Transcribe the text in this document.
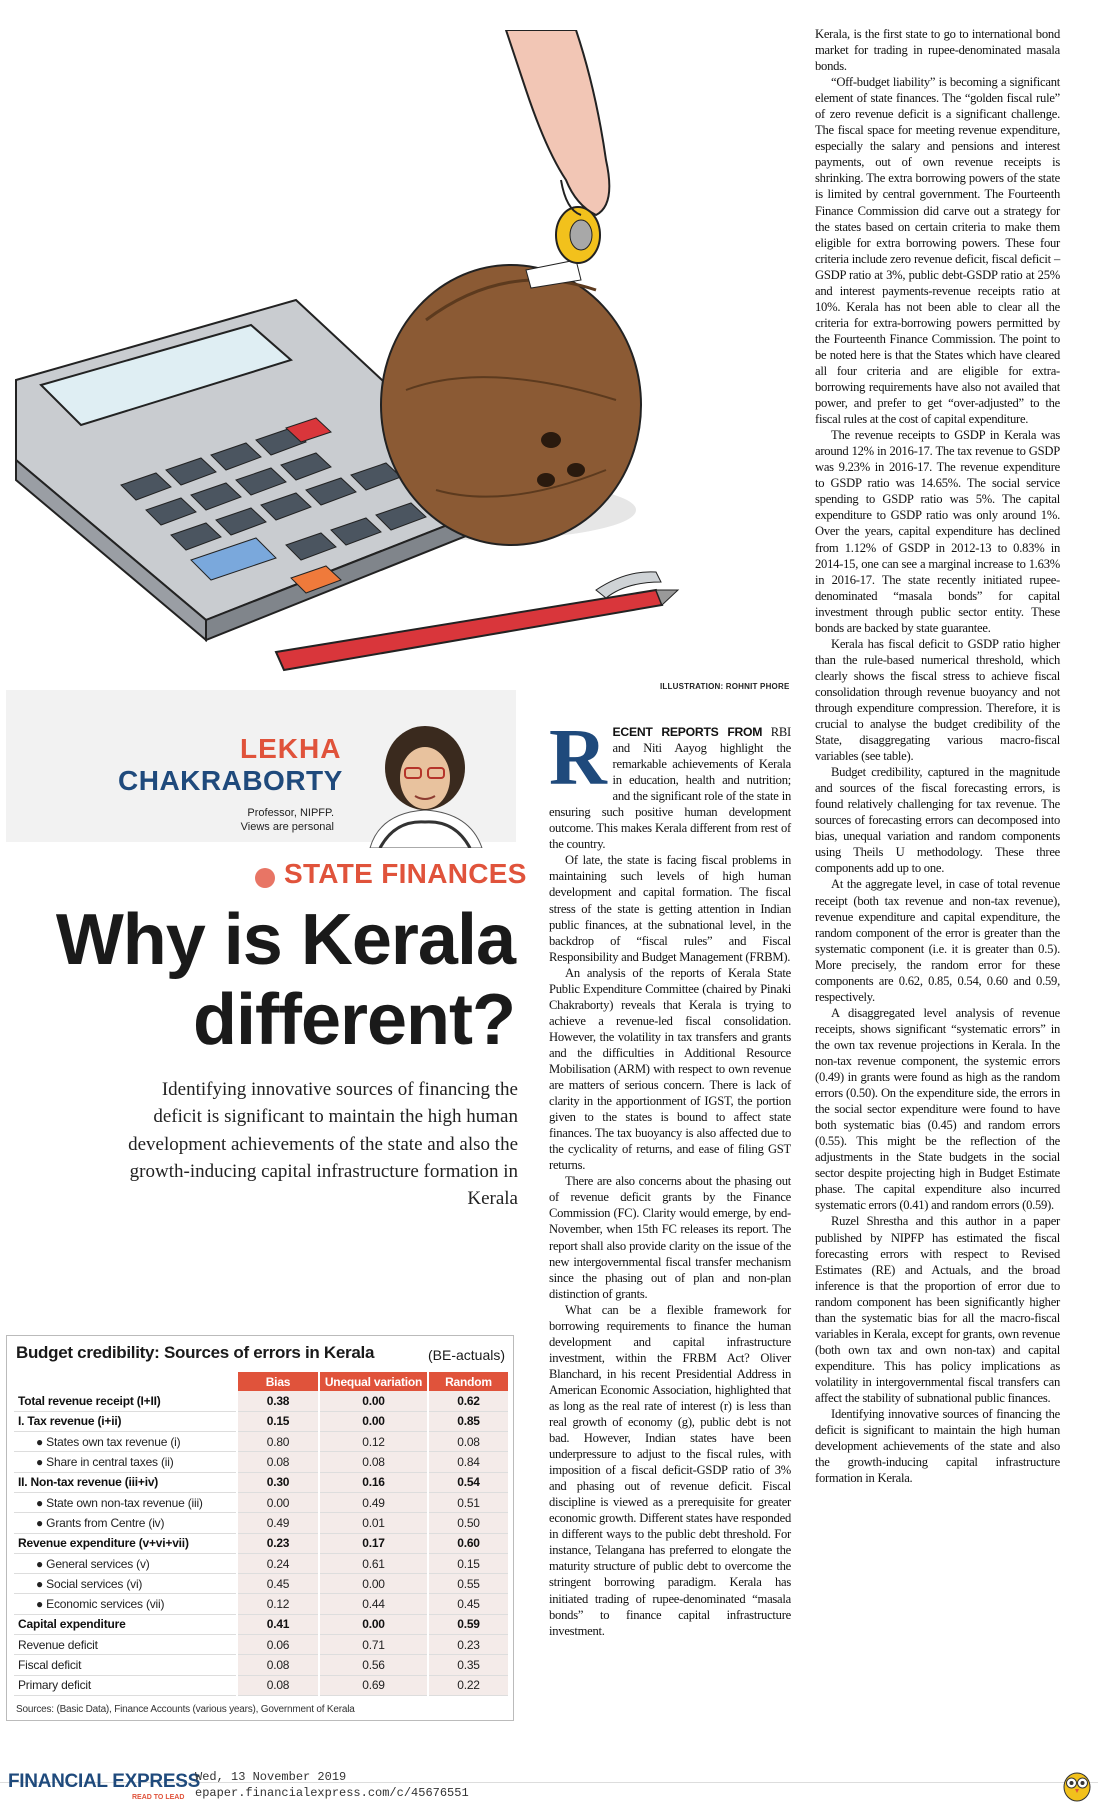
ILLUSTRATION: ROHNIT PHORE
LEKHA
CHAKRABORTY
Professor, NIPFP.
Views are personal
STATE FINANCES
Why is Kerala
different?
Identifying innovative sources of financing the deficit is significant to maintain the high human development achievements of the state and also the growth-inducing capital infrastructure formation in Kerala

RECENT REPORTS FROM RBI and Niti Aayog highlight the remarkable achievements of Kerala in education, health and nutrition; and the significant role of the state in ensuring such positive human development outcome. This makes Kerala different from rest of the country.

Of late, the state is facing fiscal problems in maintaining such levels of high human development and capital formation. The fiscal stress of the state is getting attention in Indian public finances, at the subnational level, in the backdrop of “fiscal rules” and Fiscal Responsibility and Budget Management (FRBM).

An analysis of the reports of Kerala State Public Expenditure Committee (chaired by Pinaki Chakraborty) reveals that Kerala is trying to achieve a revenue-led fiscal consolidation. However, the volatility in tax transfers and grants and the difficulties in Additional Resource Mobilisation (ARM) with respect to own revenue are matters of serious concern. There is lack of clarity in the apportionment of IGST, the portion given to the states is bound to affect state finances. The tax buoyancy is also affected due to the cyclicality of returns, and ease of filing GST returns.

There are also concerns about the phasing out of revenue deficit grants by the Finance Commission (FC). Clarity would emerge, by end-November, when 15th FC releases its report. The report shall also provide clarity on the issue of the new intergovernmental fiscal transfer mechanism since the phasing out of plan and non-plan distinction of grants.

What can be a flexible framework for borrowing requirements to finance the human development and capital infrastructure investment, within the FRBM Act? Oliver Blanchard, in his recent Presidential Address in American Economic Association, highlighted that as long as the real rate of interest (r) is less than real growth of economy (g), public debt is not bad. However, Indian states have been underpressure to adjust to the fiscal rules, with imposition of a fiscal deficit-GSDP ratio of 3% and phasing out of revenue deficit. Fiscal discipline is viewed as a prerequisite for greater economic growth. Different states have responded in different ways to the public debt threshold. For instance, Telangana has preferred to elongate the maturity structure of public debt to overcome the stringent borrowing paradigm. Kerala has initiated trading of rupee-denominated “masala bonds” to finance capital infrastructure investment.

Kerala, is the first state to go to international bond market for trading in rupee-denominated masala bonds.

“Off-budget liability” is becoming a significant element of state finances. The “golden fiscal rule” of zero revenue deficit is a significant challenge. The fiscal space for meeting revenue expenditure, especially the salary and pensions and interest payments, out of own revenue receipts is shrinking. The extra borrowing powers of the state is limited by central government. The Fourteenth Finance Commission did carve out a strategy for the states based on certain criteria to make them eligible for extra borrowing powers. These four criteria include zero revenue deficit, fiscal deficit –GSDP ratio at 3%, public debt-GSDP ratio at 25% and interest payments-revenue receipts ratio at 10%. Kerala has not been able to clear all the criteria for extra-borrowing powers permitted by the Fourteenth Finance Commission. The point to be noted here is that the States which have cleared all four criteria and are eligible for extra-borrowing requirements have also not availed that power, and prefer to get “over-adjusted” to the fiscal rules at the cost of capital expenditure.

The revenue receipts to GSDP in Kerala was around 12% in 2016-17. The tax revenue to GSDP was 9.23% in 2016-17. The revenue expenditure to GSDP ratio was 14.65%. The social service spending to GSDP ratio was 5%. The capital expenditure to GSDP ratio was only around 1%. Over the years, capital expenditure has declined from 1.12% of GSDP in 2012-13 to 0.83% in 2014-15, one can see a marginal increase to 1.63% in 2016-17. The state recently initiated rupee-denominated “masala bonds” for capital investment through public sector entity. These bonds are backed by state guarantee.

Kerala has fiscal deficit to GSDP ratio higher than the rule-based numerical threshold, which clearly shows the fiscal stress to achieve fiscal consolidation through revenue buoyancy and not through expenditure compression. Therefore, it is crucial to analyse the budget credibility of the State, disaggregating various macro-fiscal variables (see table).

Budget credibility, captured in the magnitude and sources of the fiscal forecasting errors, is found relatively challenging for tax revenue. The sources of forecasting errors can decomposed into bias, unequal variation and random components using Theils U methodology. These three components add up to one.

At the aggregate level, in case of total revenue receipt (both tax revenue and non-tax revenue), revenue expenditure and capital expenditure, the random component of the error is greater than the systematic component (i.e. it is greater than 0.5). More precisely, the random error for these components are 0.62, 0.85, 0.54, 0.60 and 0.59, respectively.

A disaggregated level analysis of revenue receipts, shows significant “systematic errors” in the own tax revenue projections in Kerala. In the non-tax revenue component, the systemic errors (0.49) in grants were found as high as the random errors (0.50). On the expenditure side, the errors in the social sector expenditure were found to have both systematic bias (0.45) and random errors (0.55). This might be the reflection of the adjustments in the State budgets in the social sector despite projecting high in Budget Estimate phase. The capital expenditure also incurred systematic errors (0.41) and random errors (0.59).

Ruzel Shrestha and this author in a paper published by NIPFP has estimated the fiscal forecasting errors with respect to Revised Estimates (RE) and Actuals, and the broad inference is that the proportion of error due to random component has been significantly higher than the systematic bias for all the macro-fiscal variables in Kerala, except for grants, own revenue (both own tax and own non-tax) and capital expenditure. This has policy implications as volatility in intergovernmental fiscal transfers can affect the stability of subnational public finances.

Identifying innovative sources of financing the deficit is significant to maintain the high human development achievements of the state and also the growth-inducing capital infrastructure formation in Kerala.

Budget credibility: Sources of errors in Kerala	(BE-actuals)
	Bias	Unequal variation	Random
Total revenue receipt (I+II)	0.38	0.00	0.62
I. Tax revenue (i+ii)	0.15	0.00	0.85
● States own tax revenue (i)	0.80	0.12	0.08
● Share in central taxes (ii)	0.08	0.08	0.84
II. Non-tax revenue (iii+iv)	0.30	0.16	0.54
● State own non-tax revenue (iii)	0.00	0.49	0.51
● Grants from Centre (iv)	0.49	0.01	0.50
Revenue expenditure (v+vi+vii)	0.23	0.17	0.60
● General services (v)	0.24	0.61	0.15
● Social services (vi)	0.45	0.00	0.55
● Economic services (vii)	0.12	0.44	0.45
Capital expenditure	0.41	0.00	0.59
Revenue deficit	0.06	0.71	0.23
Fiscal deficit	0.08	0.56	0.35
Primary deficit	0.08	0.69	0.22
Sources: (Basic Data), Finance Accounts (various years), Government of Kerala
FINANCIAL EXPRESS
READ TO LEAD
Wed, 13 November 2019
epaper.financialexpress.com/c/45676551
